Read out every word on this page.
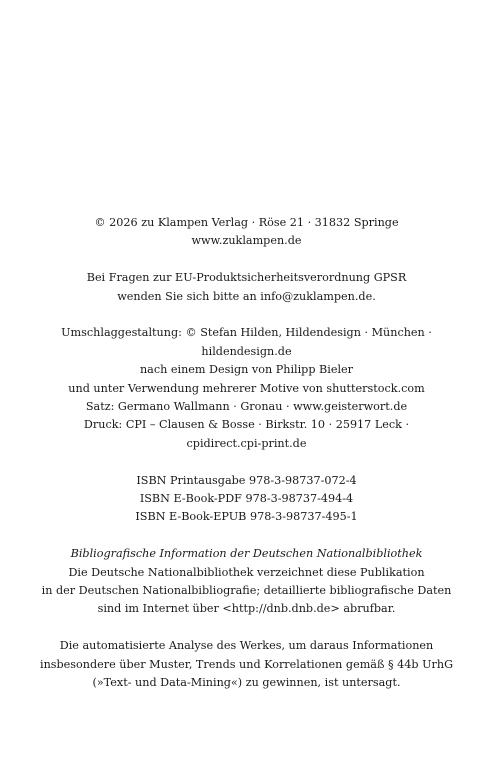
© 2026 zu Klampen Verlag · Röse 21 · 31832 Springe
www.zuklampen.de
Bei Fragen zur EU-Produktsicherheitsverordnung GPSR
wenden Sie sich bitte an info@zuklampen.de.
Umschlaggestaltung: © Stefan Hilden, Hildendesign · München ·
hildendesign.de
nach einem Design von Philipp Bieler
und unter Verwendung mehrerer Motive von shutterstock.com
Satz: Germano Wallmann · Gronau · www.geisterwort.de
Druck: CPI – Clausen & Bosse · Birkstr. 10 · 25917 Leck ·
cpidirect.cpi-print.de
ISBN Printausgabe 978-3-98737-072-4
ISBN E-Book-PDF 978-3-98737-494-4
ISBN E-Book-EPUB 978-3-98737-495-1
Bibliografische Information der Deutschen Nationalbibliothek
Die Deutsche Nationalbibliothek verzeichnet diese Publikation
in der Deutschen Nationalbibliografie; detaillierte bibliografische Daten
sind im Internet über <http://dnb.dnb.de> abrufbar.
Die automatisierte Analyse des Werkes, um daraus Informationen
insbesondere über Muster, Trends und Korrelationen gemäß § 44b UrhG
(»Text- und Data-Mining«) zu gewinnen, ist untersagt.
